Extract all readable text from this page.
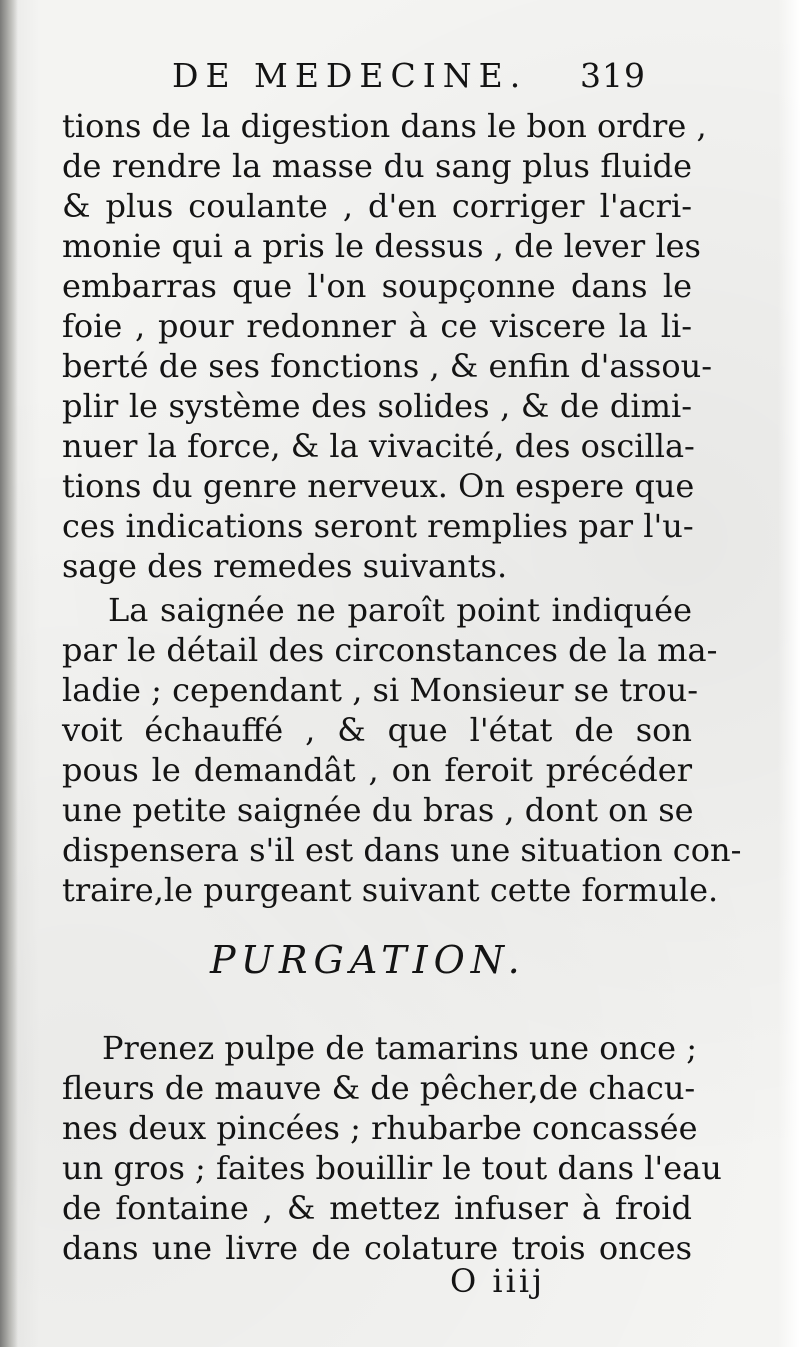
DE MEDECINE. 319
tions de la digestion dans le bon ordre ,
de rendre la masse du sang plus fluide
& plus coulante , d'en corriger l'acri-
monie qui a pris le dessus , de lever les
embarras que l'on soupçonne dans le
foie , pour redonner à ce viscere la li-
berté de ses fonctions , & enfin d'assou-
plir le système des solides , & de dimi-
nuer la force, & la vivacité, des oscilla-
tions du genre nerveux. On espere que
ces indications seront remplies par l'u-
sage des remedes suivants.
La saignée ne paroît point indiquée
par le détail des circonstances de la ma-
ladie ; cependant , si Monsieur se trou-
voit échauffé , & que l'état de son
pous le demandât , on feroit précéder
une petite saignée du bras , dont on se
dispensera s'il est dans une situation con-
traire,le purgeant suivant cette formule.
PURGATION.
Prenez pulpe de tamarins une once ;
fleurs de mauve & de pêcher,de chacu-
nes deux pincées ; rhubarbe concassée
un gros ; faites bouillir le tout dans l'eau
de fontaine , & mettez infuser à froid
dans une livre de colature trois onces
O iiij
